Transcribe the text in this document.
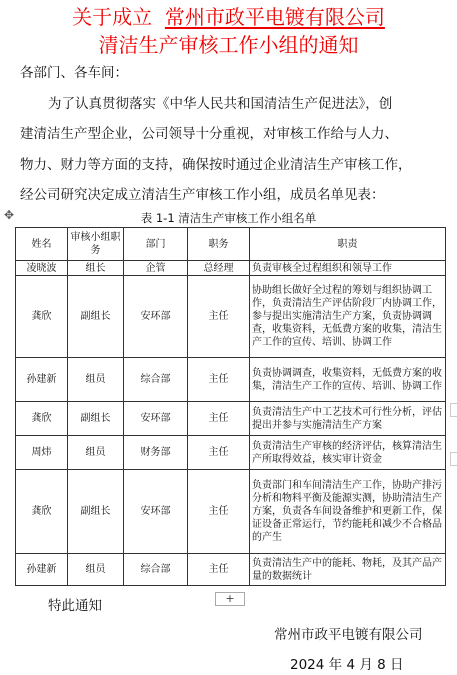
关于成立 常州市政平电镀有限公司
清洁生产审核工作小组的通知
各部门、各车间：
为了认真贯彻落实《中华人民共和国清洁生产促进法》，创
建清洁生产型企业，公司领导十分重视，对审核工作给与人力、
物力、财力等方面的支持，确保按时通过企业清洁生产审核工作，
经公司研究决定成立清洁生产审核工作小组，成员名单见表：
✥	表 1-1 清洁生产审核工作小组名单
姓名	审核小组职务	部门	职务	职责
凌晓波	组长	企管	总经理	负责审核全过程组织和领导工作
龚欣	副组长	安环部	主任	协助组长做好全过程的筹划与组织协调工作，负责清洁生产评估阶段厂内协调工作，参与提出实施清洁生产方案，负责协调调查，收集资料，无低费方案的收集，清洁生产工作的宣传、培训、协调工作
孙建新	组员	综合部	主任	负责协调调查，收集资料，无低费方案的收集，清洁生产工作的宣传、培训、协调工作
龚欣	副组长	安环部	主任	负责清洁生产中工艺技术可行性分析，评估提出并参与实施清洁生产方案
周炜	组员	财务部	主任	负责清洁生产审核的经济评估，核算清洁生产所取得效益，核实审计资金
龚欣	副组长	安环部	主任	负责部门和车间清洁生产工作，协助产排污分析和物料平衡及能源实测，协助清洁生产方案，负责各车间设备维护和更新工作，保证设备正常运行，节约能耗和减少不合格品的产生
孙建新	组员	综合部	主任	负责清洁生产中的能耗、物耗，及其产品产量的数据统计
+
特此通知
常州市政平电镀有限公司
2024 年 4 月 8 日
